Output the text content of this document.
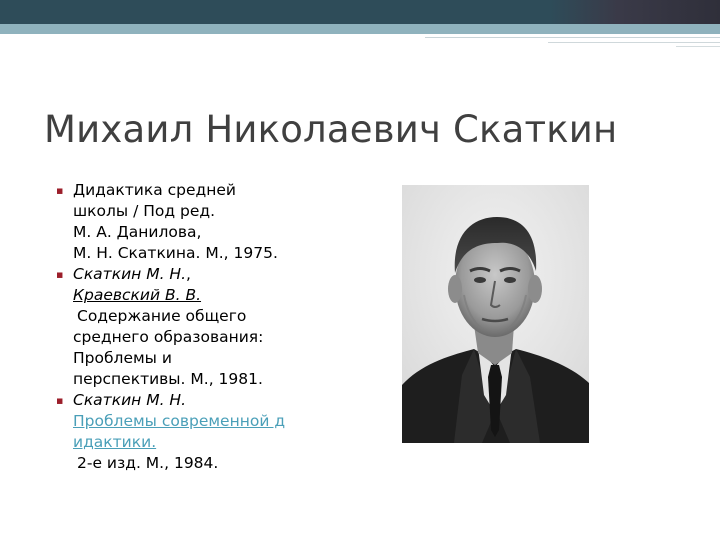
Михаил Николаевич Скаткин
▪ Дидактика средней
школы / Под ред.
М. А. Данилова,
М. Н. Скаткина. М., 1975.
▪ Скаткин М. Н.,
Краевский В. В.
Содержание общего
среднего образования:
Проблемы и
перспективы. М., 1981.
▪ Скаткин М. Н.
Проблемы современной д
идактики.
2-е изд. М., 1984.
